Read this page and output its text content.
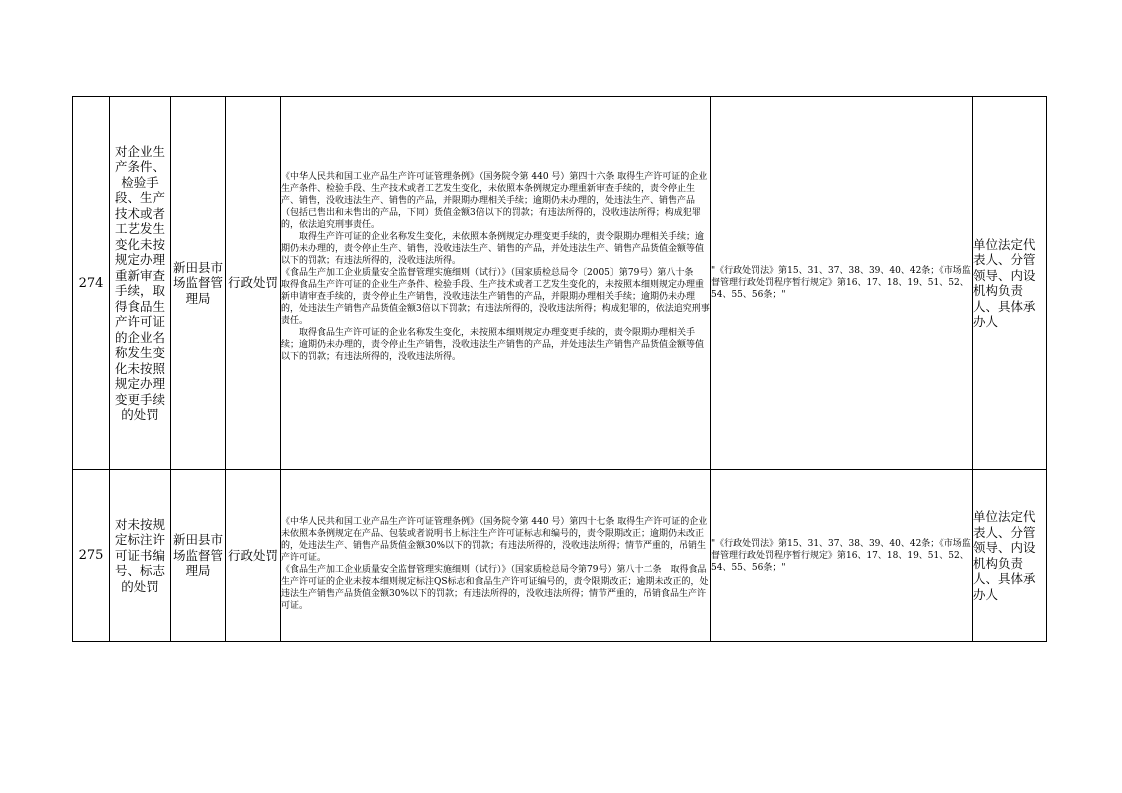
274	对企业生产条件、检验手段、生产技术或者工艺发生变化未按规定办理重新审查手续，取得食品生产许可证的企业名称发生变化未按照规定办理变更手续的处罚	新田县市场监督管理局	行政处罚	《中华人民共和国工业产品生产许可证管理条例》（国务院令第 440 号）第四十六条 取得生产许可证的企业生产条件、检验手段、生产技术或者工艺发生变化，未依照本条例规定办理重新审查手续的，责令停止生产、销售，没收违法生产、销售的产品，并限期办理相关手续；逾期仍未办理的，处违法生产、销售产品（包括已售出和未售出的产品，下同）货值金额3倍以下的罚款；有违法所得的，没收违法所得；构成犯罪的，依法追究刑事责任。

取得生产许可证的企业名称发生变化，未依照本条例规定办理变更手续的，责令限期办理相关手续；逾期仍未办理的，责令停止生产、销售，没收违法生产、销售的产品，并处违法生产、销售产品货值金额等值以下的罚款；有违法所得的，没收违法所得。

《食品生产加工企业质量安全监督管理实施细则（试行）》（国家质检总局令〔2005〕第79号）第八十条　取得食品生产许可证的企业生产条件、检验手段、生产技术或者工艺发生变化的，未按照本细则规定办理重新申请审查手续的，责令停止生产销售，没收违法生产销售的产品，并限期办理相关手续；逾期仍未办理的，处违法生产销售产品货值金额3倍以下罚款；有违法所得的，没收违法所得；构成犯罪的，依法追究刑事责任。

取得食品生产许可证的企业名称发生变化，未按照本细则规定办理变更手续的，责令限期办理相关手续；逾期仍未办理的，责令停止生产销售，没收违法生产销售的产品，并处违法生产销售产品货值金额等值以下的罚款；有违法所得的，没收违法所得。	"《行政处罚法》第15、31、37、38、39、40、42条；《市场监督管理行政处罚程序暂行规定》第16、17、18、19、51、52、54、55、56条；"	单位法定代表人、分管领导、内设机构负责人、具体承办人
275	对未按规定标注许可证书编号、标志的处罚	新田县市场监督管理局	行政处罚	《中华人民共和国工业产品生产许可证管理条例》（国务院令第 440 号）第四十七条 取得生产许可证的企业未依照本条例规定在产品、包装或者说明书上标注生产许可证标志和编号的，责令限期改正；逾期仍未改正的，处违法生产、销售产品货值金额30%以下的罚款；有违法所得的，没收违法所得；情节严重的，吊销生产许可证。

《食品生产加工企业质量安全监督管理实施细则（试行）》（国家质检总局令第79号）第八十二条　取得食品生产许可证的企业未按本细则规定标注QS标志和食品生产许可证编号的，责令限期改正；逾期未改正的，处违法生产销售产品货值金额30%以下的罚款；有违法所得的，没收违法所得；情节严重的，吊销食品生产许可证。	"《行政处罚法》第15、31、37、38、39、40、42条；《市场监督管理行政处罚程序暂行规定》第16、17、18、19、51、52、54、55、56条；"	单位法定代表人、分管领导、内设机构负责人、具体承办人
